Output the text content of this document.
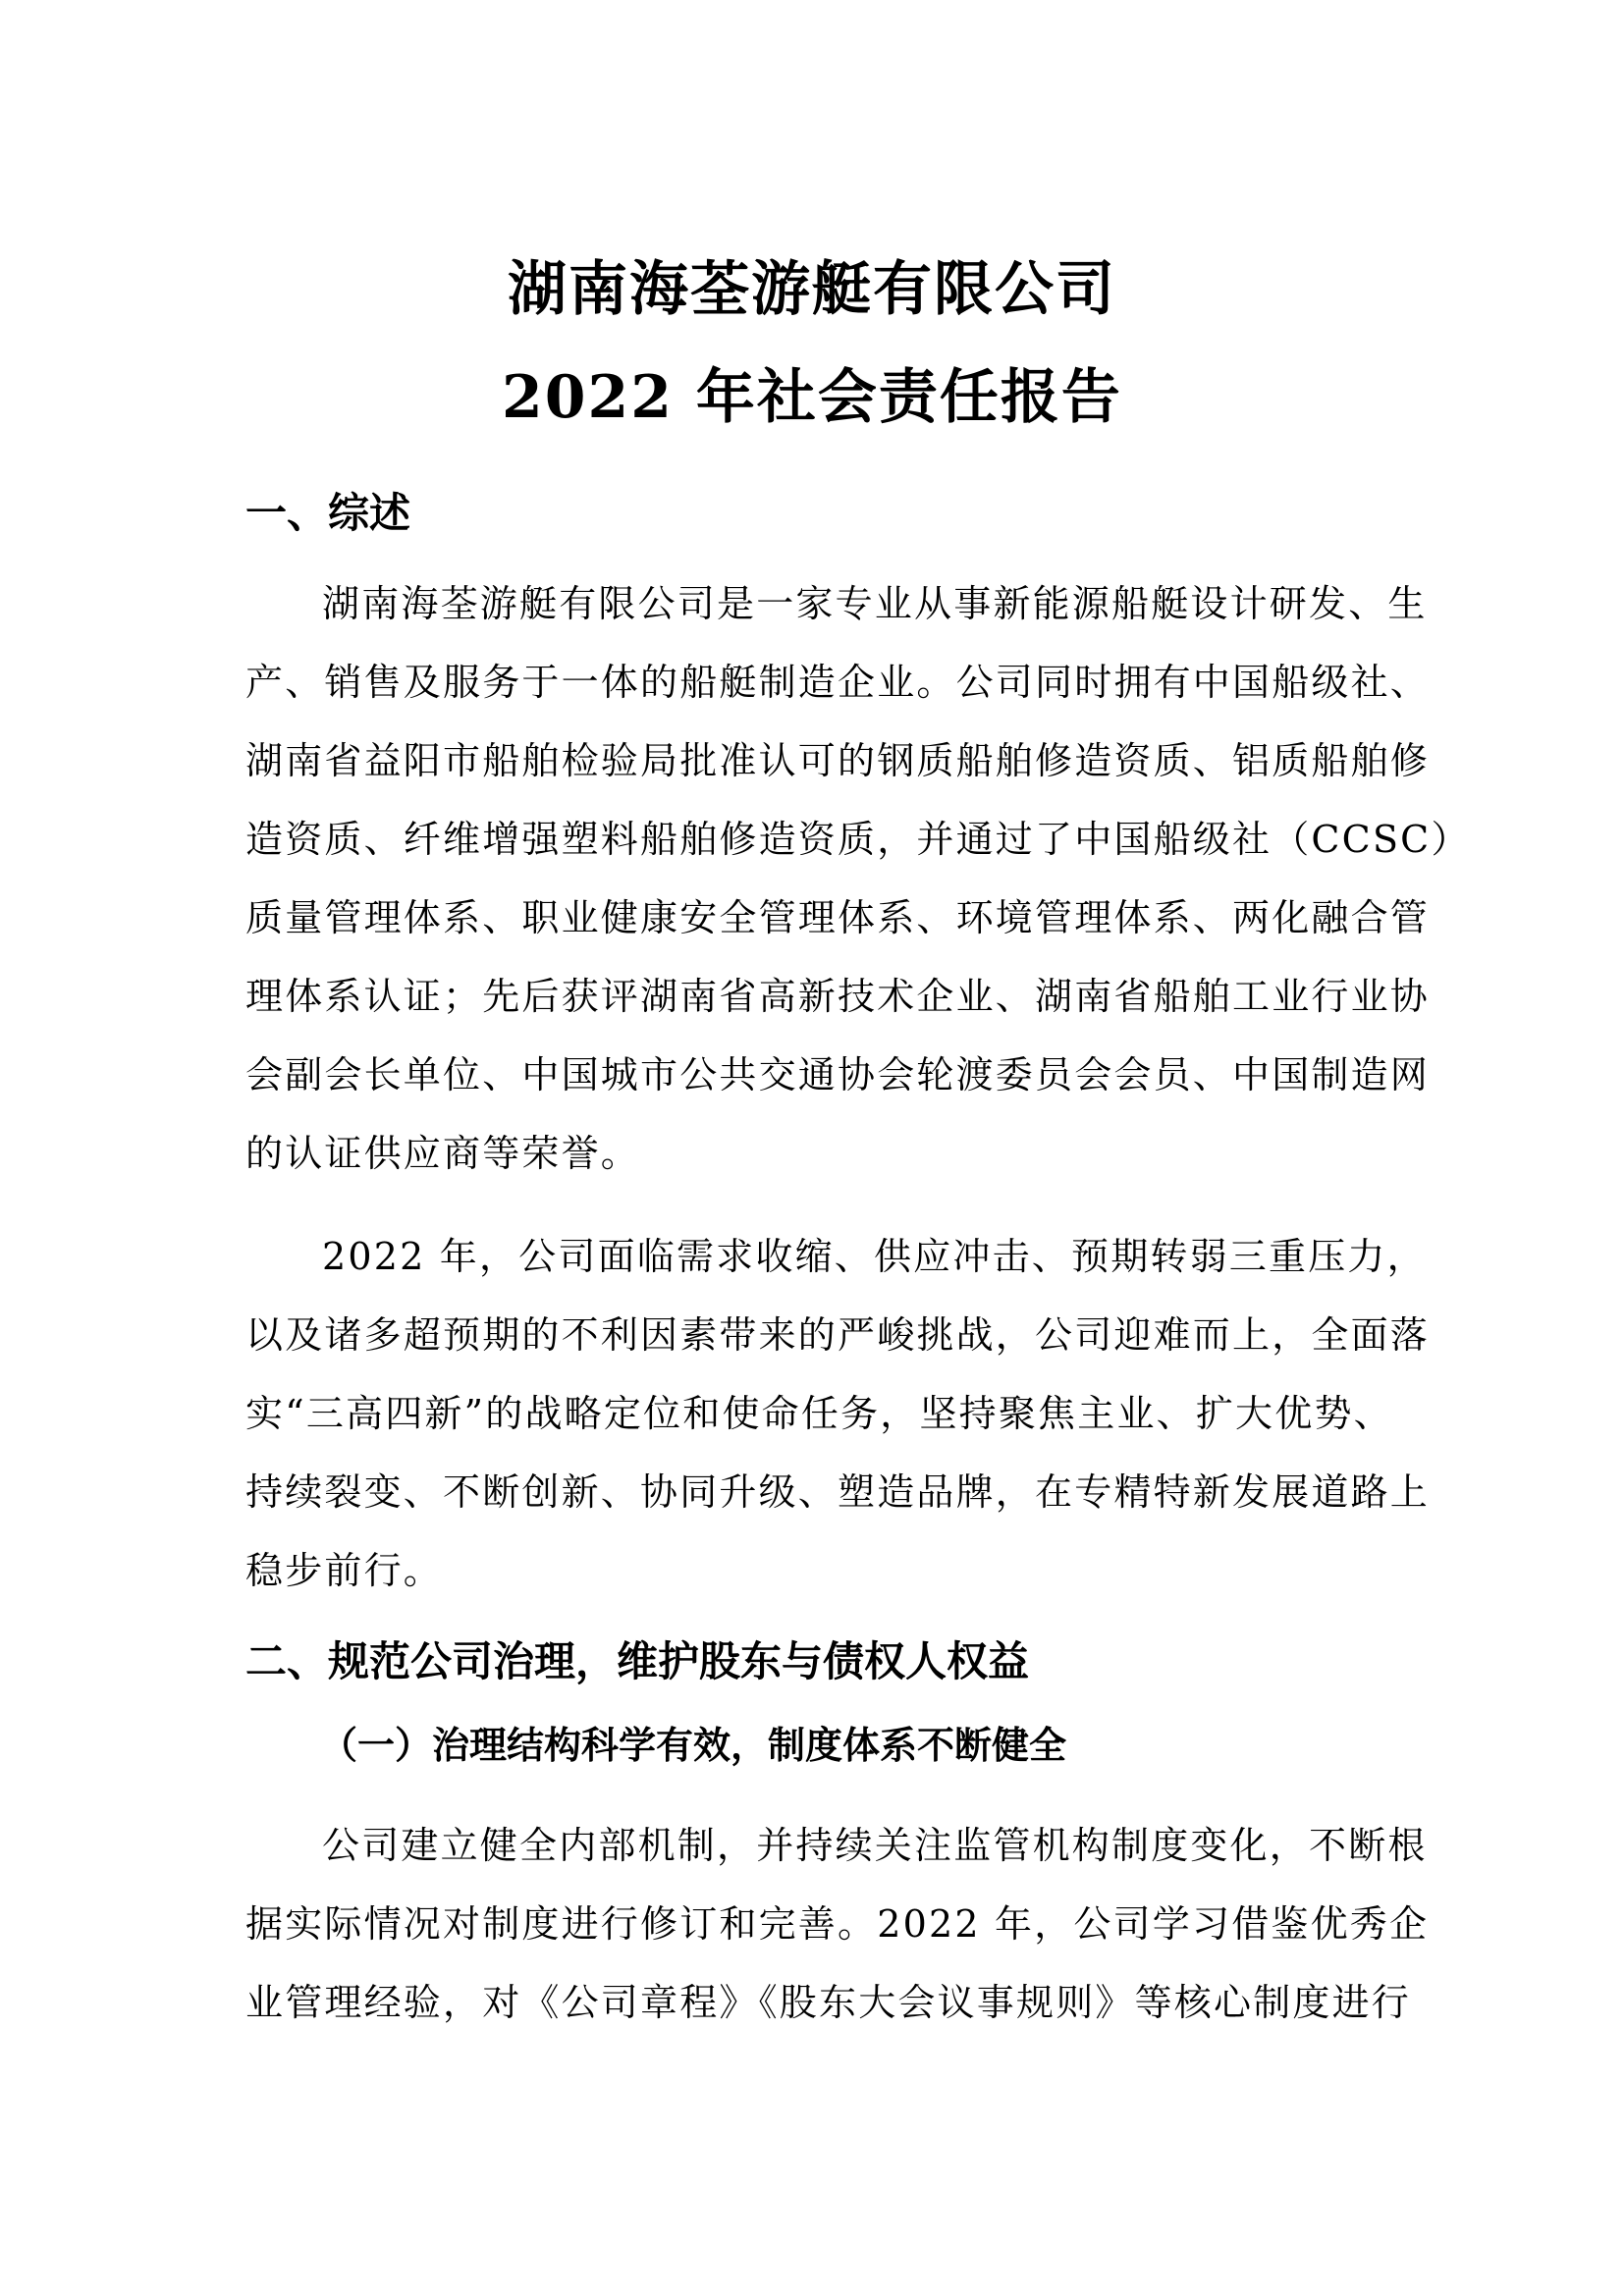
湖南海荃游艇有限公司
2022 年社会责任报告
一、综述
湖南海荃游艇有限公司是一家专业从事新能源船艇设计研发、生
产、销售及服务于一体的船艇制造企业。公司同时拥有中国船级社、
湖南省益阳市船舶检验局批准认可的钢质船舶修造资质、铝质船舶修
造资质、纤维增强塑料船舶修造资质，并通过了中国船级社（CCSC）
质量管理体系、职业健康安全管理体系、环境管理体系、两化融合管
理体系认证；先后获评湖南省高新技术企业、湖南省船舶工业行业协
会副会长单位、中国城市公共交通协会轮渡委员会会员、中国制造网
的认证供应商等荣誉。
2022 年，公司面临需求收缩、供应冲击、预期转弱三重压力，
以及诸多超预期的不利因素带来的严峻挑战，公司迎难而上，全面落
实“三高四新”的战略定位和使命任务，坚持聚焦主业、扩大优势、
持续裂变、不断创新、协同升级、塑造品牌，在专精特新发展道路上
稳步前行。
二、规范公司治理，维护股东与债权人权益
（一）治理结构科学有效，制度体系不断健全
公司建立健全内部机制，并持续关注监管机构制度变化，不断根
据实际情况对制度进行修订和完善。2022 年，公司学习借鉴优秀企
业管理经验，对《公司章程》《股东大会议事规则》等核心制度进行
